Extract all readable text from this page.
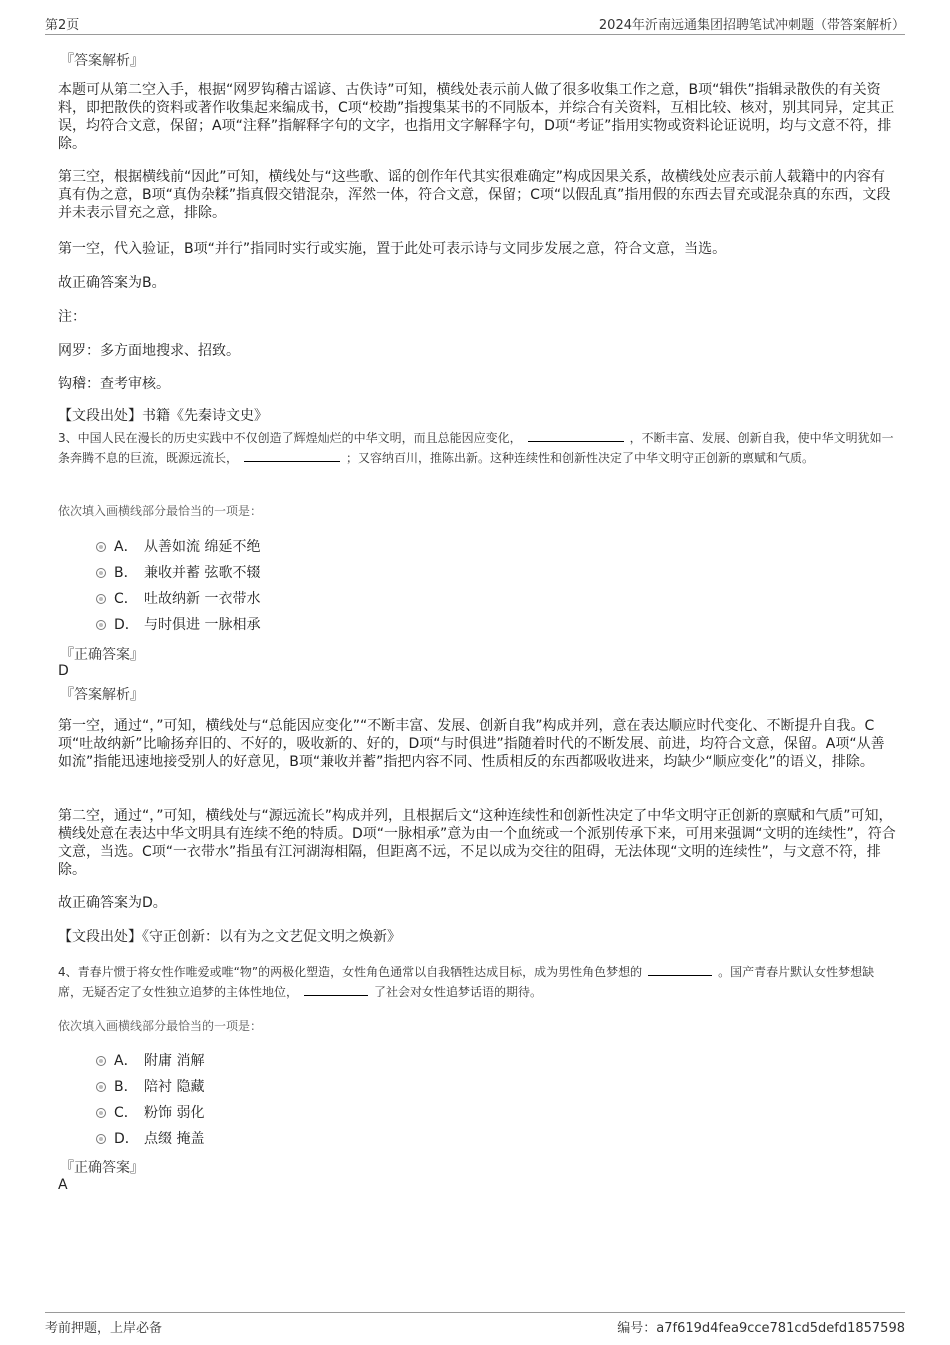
第2页	2024年沂南远通集团招聘笔试冲刺题（带答案解析）
『答案解析』
本题可从第二空入手，根据“网罗钩稽古谣谚、古佚诗”可知，横线处表示前人做了很多收集工作之意，B项“辑佚”指辑录散佚的有关资料，即把散佚的资料或著作收集起来编成书，C项“校勘”指搜集某书的不同版本，并综合有关资料，互相比较、核对，别其同异，定其正误，均符合文意，保留；A项“注释”指解释字句的文字，也指用文字解释字句，D项“考证”指用实物或资料论证说明，均与文意不符，排除。
第三空，根据横线前“因此”可知，横线处与“这些歌、谣的创作年代其实很难确定”构成因果关系，故横线处应表示前人载籍中的内容有真有伪之意，B项“真伪杂糅”指真假交错混杂，浑然一体，符合文意，保留；C项“以假乱真”指用假的东西去冒充或混杂真的东西，文段并未表示冒充之意，排除。
第一空，代入验证，B项“并行”指同时实行或实施，置于此处可表示诗与文同步发展之意，符合文意，当选。
故正确答案为B。
注：
网罗：多方面地搜求、招致。
钩稽：查考审核。
【文段出处】书籍《先秦诗文史》
3、中国人民在漫长的历史实践中不仅创造了辉煌灿烂的中华文明，而且总能因应变化，	，不断丰富、发展、创新自我，使中华文明犹如一条奔腾不息的巨流，既源远流长，	；又容纳百川，推陈出新。这种连续性和创新性决定了中华文明守正创新的禀赋和气质。
依次填入画横线部分最恰当的一项是：
A． 从善如流 绵延不绝
B． 兼收并蓄 弦歌不辍
C． 吐故纳新 一衣带水
D． 与时俱进 一脉相承
『正确答案』
D
『答案解析』
第一空，通过“，”可知，横线处与“总能因应变化”“不断丰富、发展、创新自我”构成并列，意在表达顺应时代变化、不断提升自我。C项“吐故纳新”比喻扬弃旧的、不好的，吸收新的、好的，D项“与时俱进”指随着时代的不断发展、前进，均符合文意，保留。A项“从善如流”指能迅速地接受别人的好意见，B项“兼收并蓄”指把内容不同、性质相反的东西都吸收进来，均缺少“顺应变化”的语义，排除。
第二空，通过“，”可知，横线处与“源远流长”构成并列，且根据后文“这种连续性和创新性决定了中华文明守正创新的禀赋和气质”可知，横线处意在表达中华文明具有连续不绝的特质。D项“一脉相承”意为由一个血统或一个派别传承下来，可用来强调“文明的连续性”，符合文意，当选。C项“一衣带水”指虽有江河湖海相隔，但距离不远，不足以成为交往的阻碍，无法体现“文明的连续性”，与文意不符，排除。
故正确答案为D。
【文段出处】《守正创新：以有为之文艺促文明之焕新》
4、青春片惯于将女性作唯爱或唯“物”的两极化塑造，女性角色通常以自我牺牲达成目标，成为男性角色梦想的	。国产青春片默认女性梦想缺席，无疑否定了女性独立追梦的主体性地位，	了社会对女性追梦话语的期待。
依次填入画横线部分最恰当的一项是：
A． 附庸 消解
B． 陪衬 隐藏
C． 粉饰 弱化
D． 点缀 掩盖
『正确答案』
A
考前押题，上岸必备	编号：a7f619d4fea9cce781cd5defd1857598
